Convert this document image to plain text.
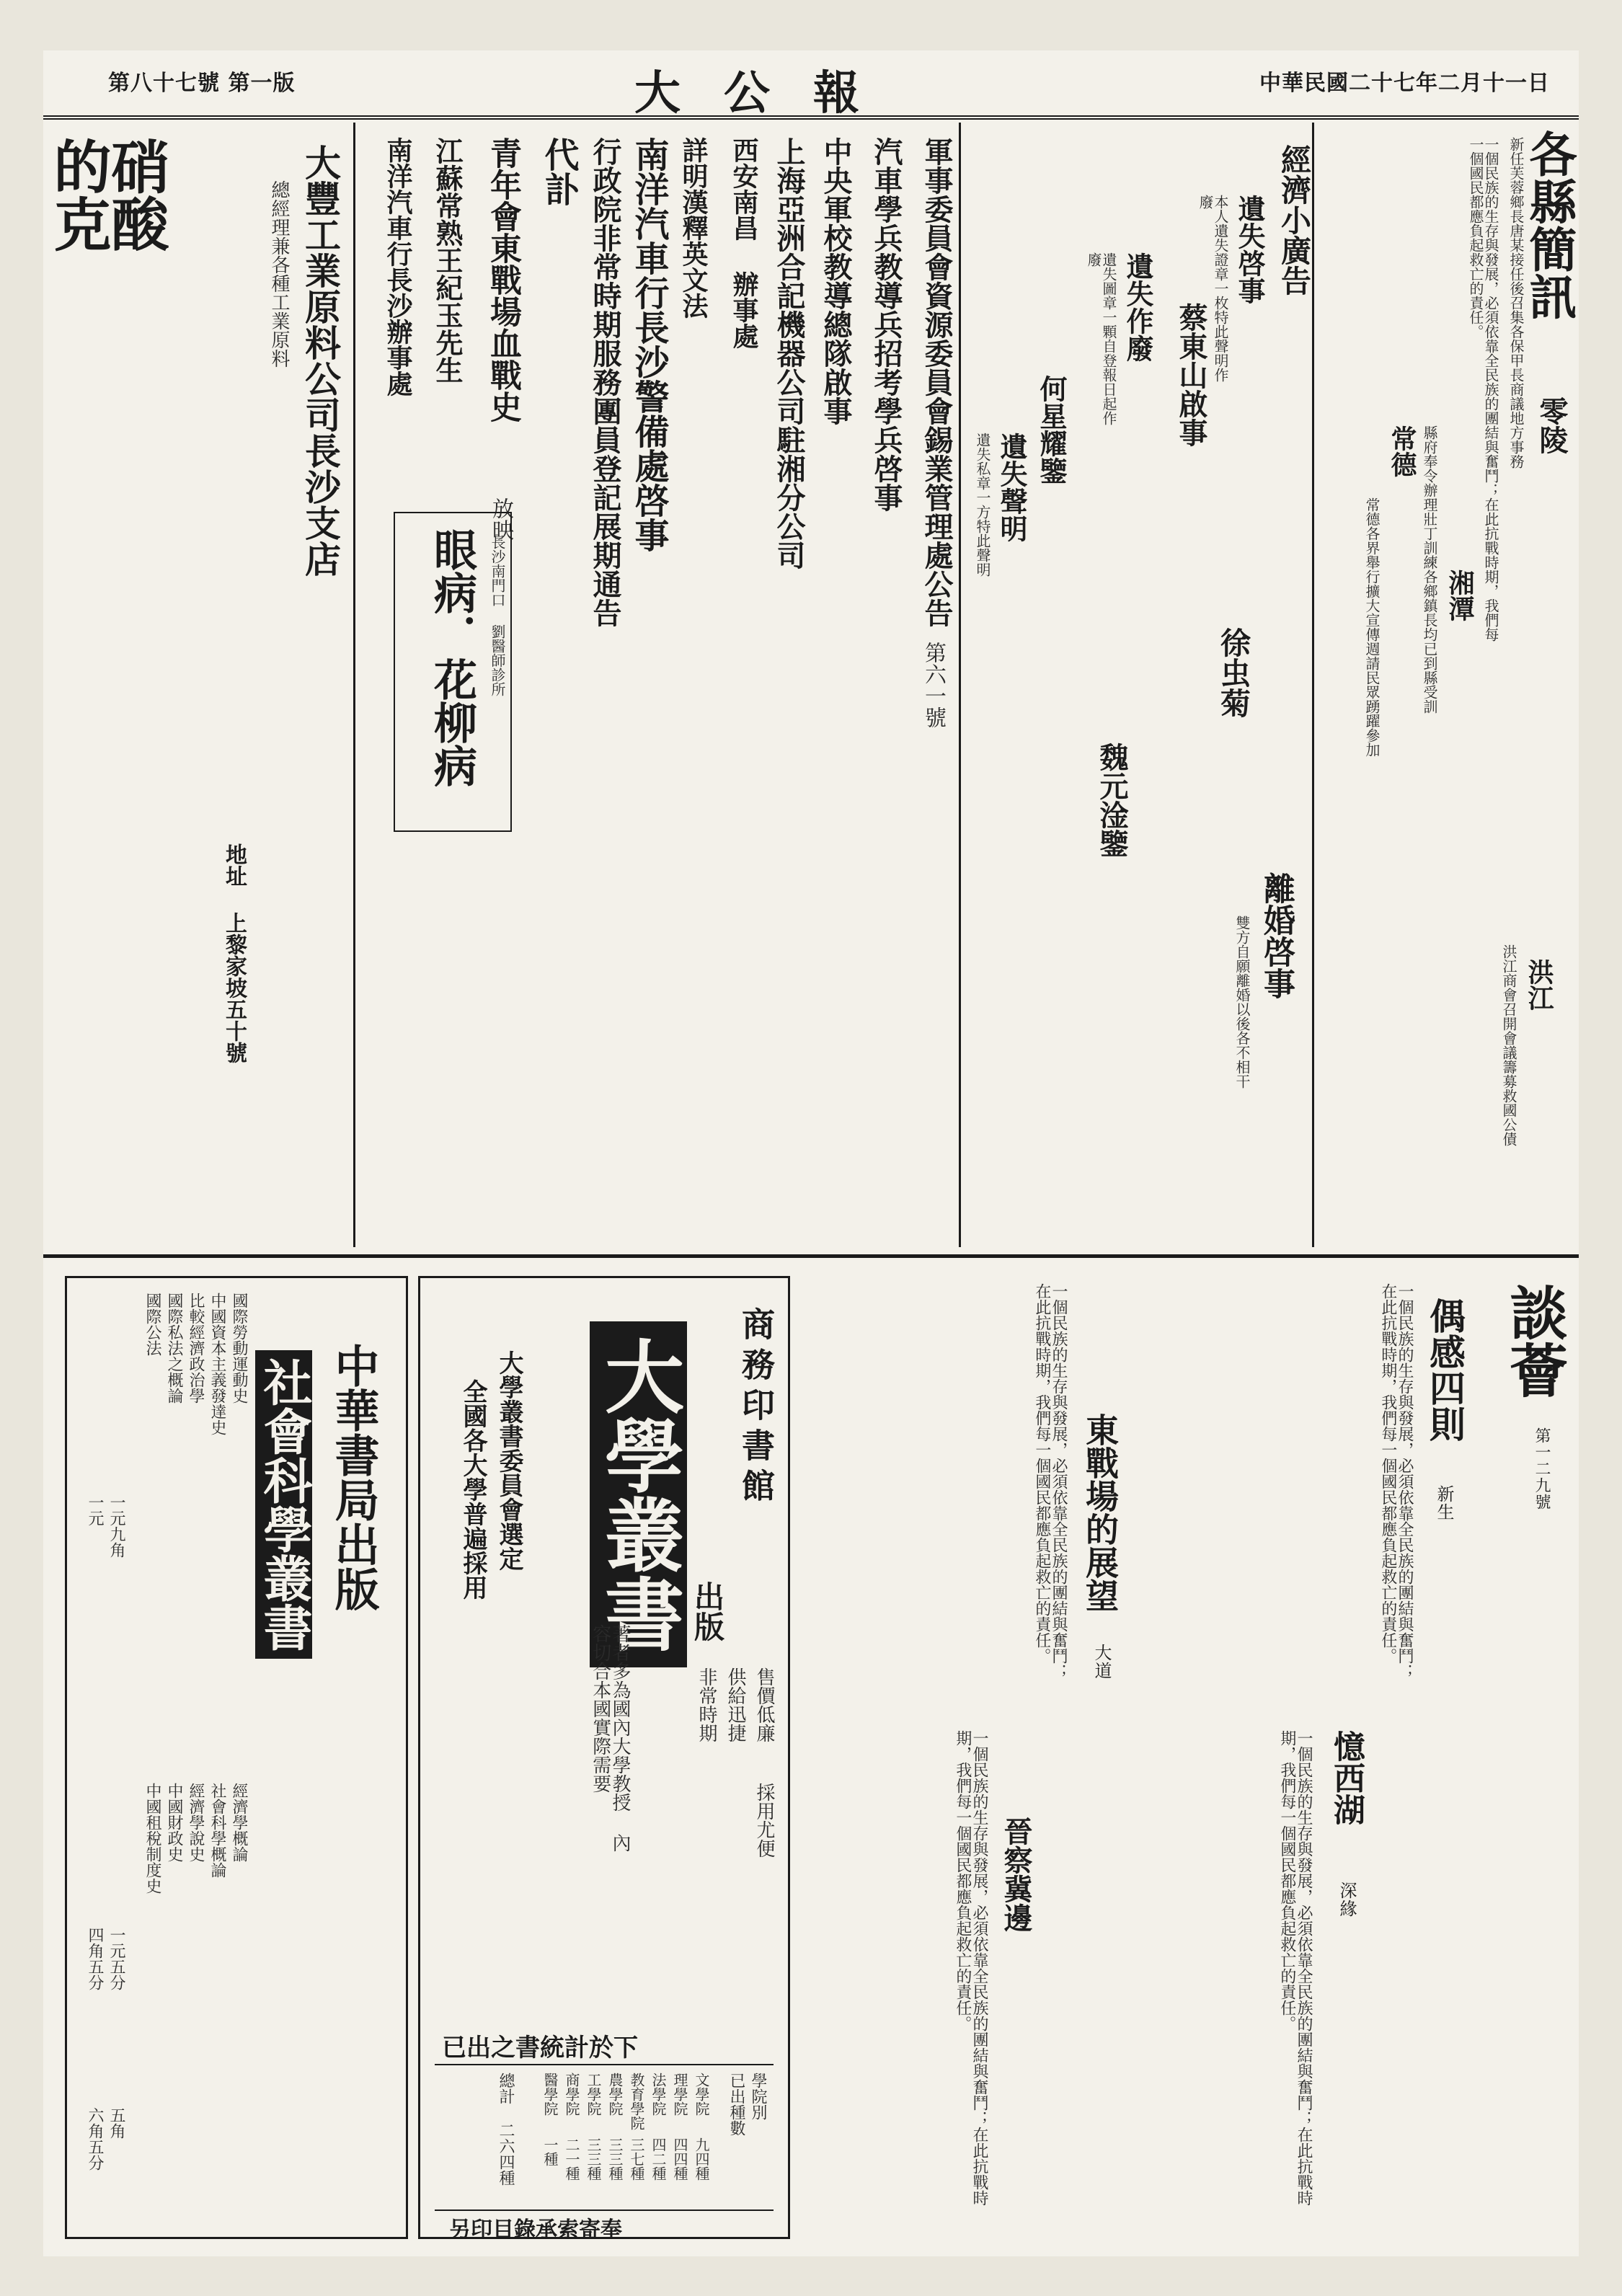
中華民國二十七年二月十一日
大公報
第八十七號 第一版
各縣簡訊
零陵
新任芙蓉鄉長唐某接任後召集各保甲長商議地方事務
一個民族的生存與發展，必須依靠全民族的團結與奮鬥；在此抗戰時期，我們每一個國民都應負起救亡的責任。
湘潭
縣府奉令辦理壯丁訓練各鄉鎮長均已到縣受訓
常德
常德各界舉行擴大宣傳週請民眾踴躍參加
洪江
洪江商會召開會議籌募救國公債
經濟小廣告
遺失啓事
本人遺失證章一枚特此聲明作廢
蔡東山啟事
遺失作廢
遺失圖章一顆自登報日起作廢
何星耀鑒
遺失聲明
遺失私章一方特此聲明
徐虫菊
魏元淦鑒
離婚啓事
雙方自願離婚以後各不相干
軍事委員會資源委員會錫業管理處公告
第六一號
汽車學兵教導兵招考學兵啓事
中央軍校教導總隊啟事
上海亞洲合記機器公司駐湘分公司
西安南昌 辦事處
詳明漢釋英文法
南洋汽車行長沙警備處啓事
行政院非常時期服務團員登記展期通告
代訃
青年會東戰場血戰史
放映
江蘇常熟王紀玉先生
南洋汽車行長沙辦事處
眼病．花柳病 長沙南門口 劉醫師診所
大豐工業原料公司長沙支店
總經理兼各種工業原料
地址 上黎家坡五十號
硝酸
的克
中華書局出版
社會科學叢書
國際勞動運動史
中國資本主義發達史
比較經濟政治學
國際私法之概論
國際公法
經濟學概論
社會科學概論
經濟學說史
中國財政史
中國租稅制度史
一元九角
一元
一元五分
四角五分
五角
六角五分
商務印書館
出版
大學叢書
大學叢書委員會選定
全國各大學普遍採用
售價低廉
供給迅捷
非常時期
採用尤便
著者多為國內大學教授 內容切合本國實際需要
已出之書統計於下
學院別
已出種數
文學院
九四種
理學院
四四種
法學院
四二種
教育學院
三七種
農學院
三三種
工學院
三三種
商學院
二一種
醫學院
一種
總計 二六四種
另印目錄承索寄奉
談薈
第一二九號
偶感四則
新生
一個民族的生存與發展，必須依靠全民族的團結與奮鬥；在此抗戰時期，我們每一個國民都應負起救亡的責任。
東戰場的展望
大道
一個民族的生存與發展，必須依靠全民族的團結與奮鬥；在此抗戰時期，我們每一個國民都應負起救亡的責任。
憶西湖
深緣
一個民族的生存與發展，必須依靠全民族的團結與奮鬥；在此抗戰時期，我們每一個國民都應負起救亡的責任。
晉察冀邊
一個民族的生存與發展，必須依靠全民族的團結與奮鬥；在此抗戰時期，我們每一個國民都應負起救亡的責任。
